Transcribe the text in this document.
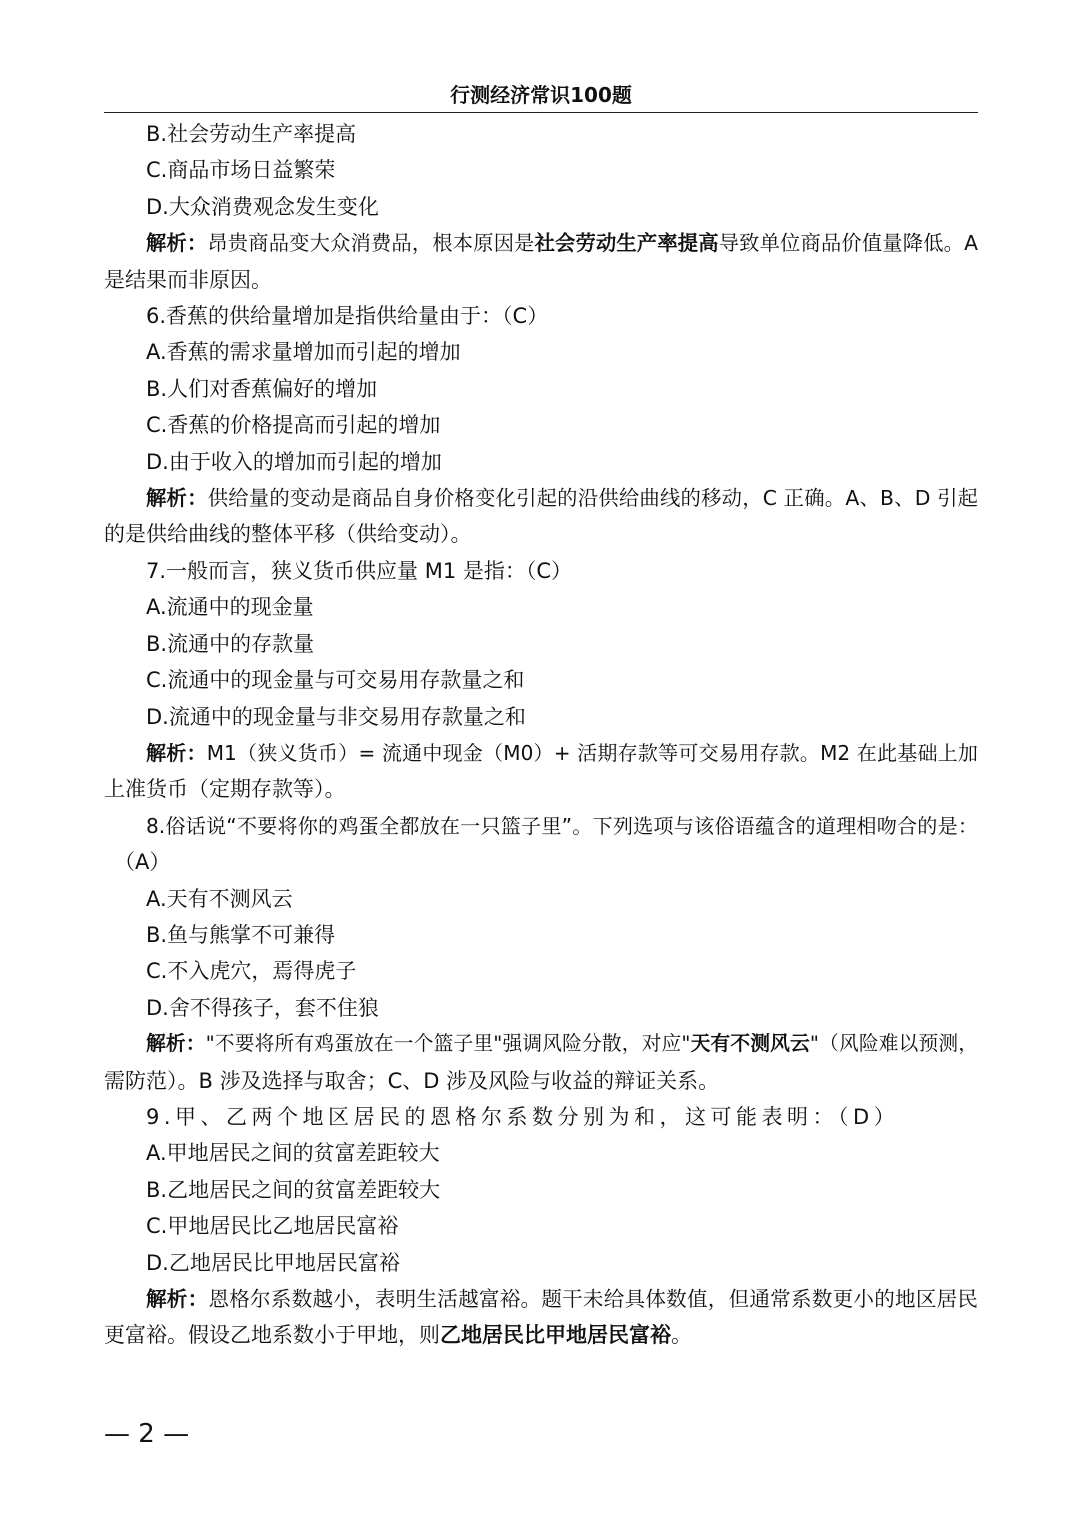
行测经济常识100题

B.社会劳动生产率提高

C.商品市场日益繁荣

D.大众消费观念发生变化

解析：昂贵商品变大众消费品，根本原因是社会劳动生产率提高导致单位商品价值量降低。A

是结果而非原因。

6.香蕉的供给量增加是指供给量由于：（C）

A.香蕉的需求量增加而引起的增加

B.人们对香蕉偏好的增加

C.香蕉的价格提高而引起的增加

D.由于收入的增加而引起的增加

解析：供给量的变动是商品自身价格变化引起的沿供给曲线的移动，C 正确。A、B、D 引起

的是供给曲线的整体平移（供给变动）。

7.一般而言，狭义货币供应量 M1 是指：（C）

A.流通中的现金量

B.流通中的存款量

C.流通中的现金量与可交易用存款量之和

D.流通中的现金量与非交易用存款量之和

解析：M1（狭义货币）= 流通中现金（M0）+ 活期存款等可交易用存款。M2 在此基础上加

上准货币（定期存款等）。

8.俗话说“不要将你的鸡蛋全都放在一只篮子里”。下列选项与该俗语蕴含的道理相吻合的是：

（A）

A.天有不测风云

B.鱼与熊掌不可兼得

C.不入虎穴，焉得虎子

D.舍不得孩子，套不住狼

解析："不要将所有鸡蛋放在一个篮子里"强调风险分散，对应"天有不测风云"（风险难以预测，

需防范）。B 涉及选择与取舍；C、D 涉及风险与收益的辩证关系。

9.甲、乙两个地区居民的恩格尔系数分别为和，这可能表明：（D）

A.甲地居民之间的贫富差距较大

B.乙地居民之间的贫富差距较大

C.甲地居民比乙地居民富裕

D.乙地居民比甲地居民富裕

解析：恩格尔系数越小，表明生活越富裕。题干未给具体数值，但通常系数更小的地区居民

更富裕。假设乙地系数小于甲地，则乙地居民比甲地居民富裕。

— 2 —
